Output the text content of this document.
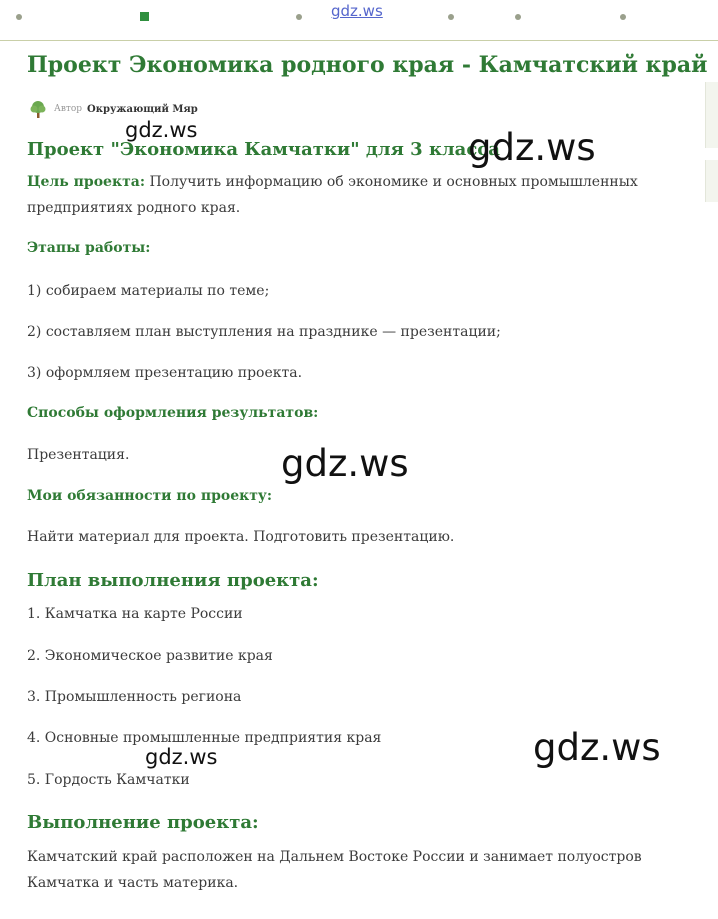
gdz.ws
Проект Экономика родного края - Камчатский край
Автор Окружающий Мяр
Проект "Экономика Камчатки" для 3 класса

Цель проекта: Получить информацию об экономике и основных промышленных предприятиях родного края.

Этапы работы:

1) собираем материалы по теме;

2) составляем план выступления на празднике — презентации;

3) оформляем презентацию проекта.

Способы оформления результатов:

Презентация.

Мои обязанности по проекту:

Найти материал для проекта. Подготовить презентацию.

План выполнения проекта:

1. Камчатка на карте России

2. Экономическое развитие края

3. Промышленность региона

4. Основные промышленные предприятия края

5. Гордость Камчатки

Выполнение проекта:

Камчатский край расположен на Дальнем Востоке России и занимает полуостров Камчатка и часть материка.

gdz.ws	gdz.ws
gdz.ws
gdz.ws
gdz.ws
